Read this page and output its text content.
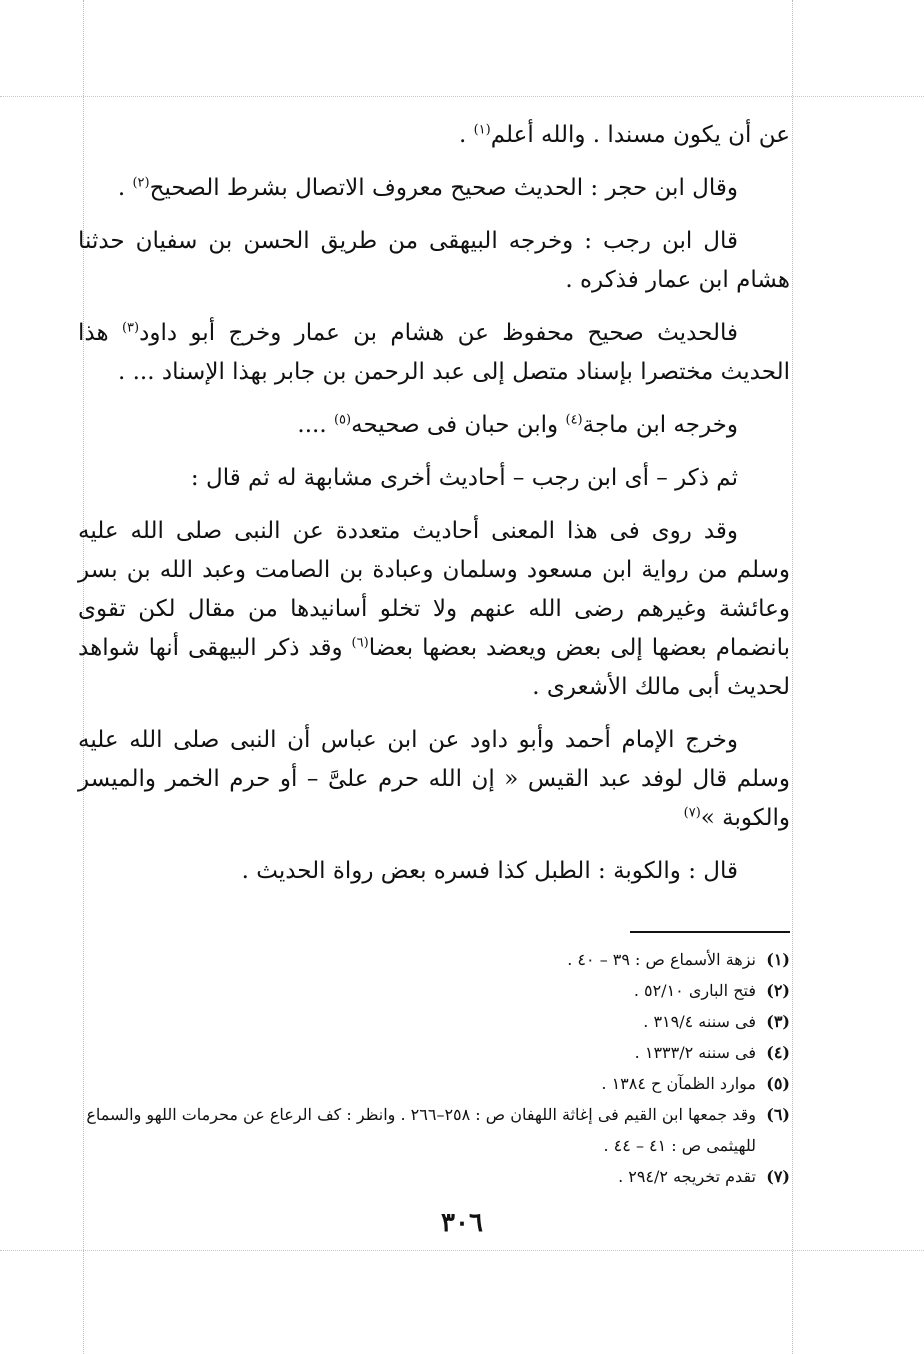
عن أن يكون مسندا . والله أعلم$^{(١)}$ .

وقال ابن حجر : الحديث صحيح معروف الاتصال بشرط الصحيح$^{(٢)}$ .

قال ابن رجب : وخرجه البيهقى من طريق الحسن بن سفيان حدثنا هشام ابن عمار فذكره .

فالحديث صحيح محفوظ عن هشام بن عمار وخرج أبو داود$^{(٣)}$ هذا الحديث مختصرا بإسناد متصل إلى عبد الرحمن بن جابر بهذا الإسناد ... .

وخرجه ابن ماجة$^{(٤)}$ وابن حبان فى صحيحه$^{(٥)}$ ....

ثم ذكر – أى ابن رجب – أحاديث أخرى مشابهة له ثم قال :

وقد روى فى هذا المعنى أحاديث متعددة عن النبى صلى الله عليه وسلم من رواية ابن مسعود وسلمان وعبادة بن الصامت وعبد الله بن بسر وعائشة وغيرهم رضى الله عنهم ولا تخلو أسانيدها من مقال لكن تقوى بانضمام بعضها إلى بعض ويعضد بعضها بعضا$^{(٦)}$ وقد ذكر البيهقى أنها شواهد لحديث أبى مالك الأشعرى .

وخرج الإمام أحمد وأبو داود عن ابن عباس أن النبى صلى الله عليه وسلم قال لوفد عبد القيس « إن الله حرم علىَّ – أو حرم الخمر والميسر والكوبة »$^{(٧)}$

قال : والكوبة : الطبل كذا فسره بعض رواة الحديث .

(١)
نزهة الأسماع ص : ٣٩ – ٤٠ .
(٢)
فتح البارى ٥٢/١٠ .
(٣)
فى سننه ٣١٩/٤ .
(٤)
فى سننه ١٣٣٣/٢ .
(٥)
موارد الظمآن ح ١٣٨٤ .
(٦)
وقد جمعها ابن القيم فى إغاثة اللهفان ص : ٢٥٨–٢٦٦ . وانظر : كف الرعاع عن محرمات اللهو والسماع للهيثمى ص : ٤١ – ٤٤ .
(٧)
تقدم تخريجه ٢٩٤/٢ .
٣٠٦
